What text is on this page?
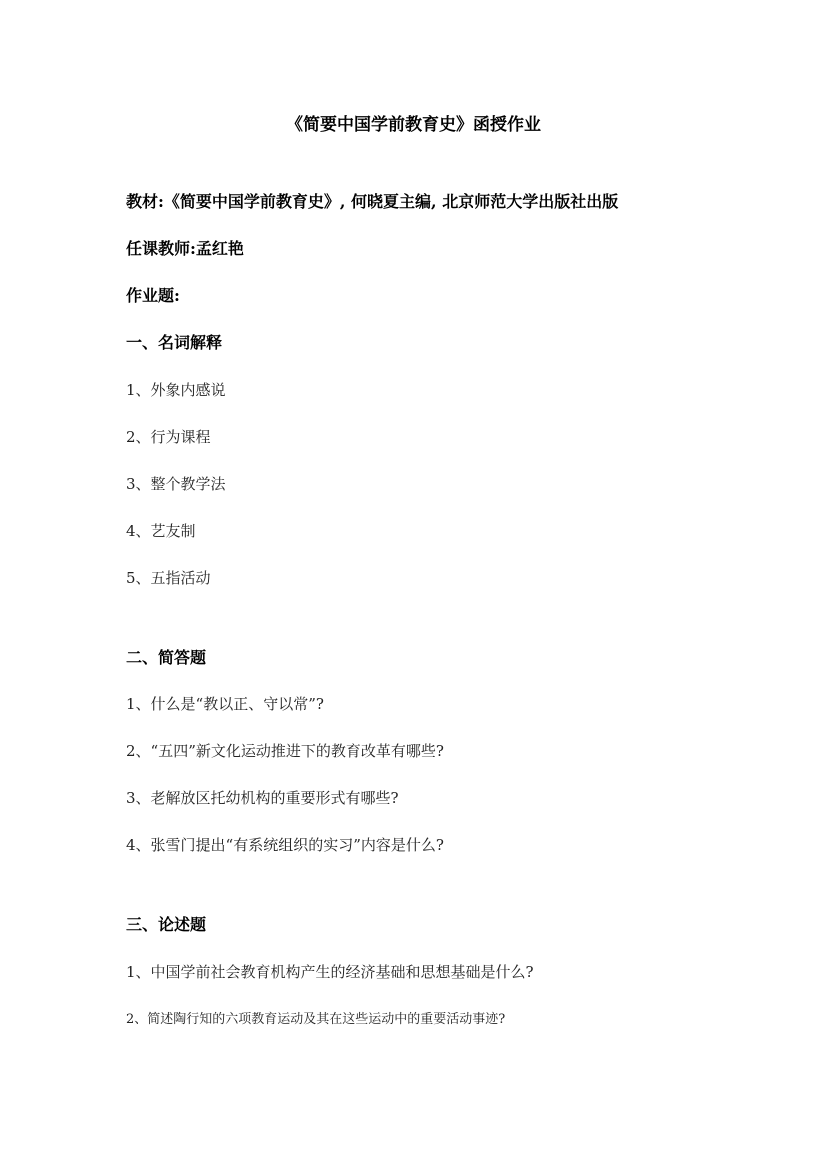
《简要中国学前教育史》函授作业
教材:《简要中国学前教育史》, 何晓夏主编, 北京师范大学出版社出版
任课教师:孟红艳
作业题:
一、名词解释
1、外象内感说
2、行为课程
3、整个教学法
4、艺友制
5、五指活动
二、简答题
1、什么是“教以正、守以常”?
2、“五四”新文化运动推进下的教育改革有哪些?
3、老解放区托幼机构的重要形式有哪些?
4、张雪门提出“有系统组织的实习”内容是什么?
三、论述题
1、中国学前社会教育机构产生的经济基础和思想基础是什么?
2、简述陶行知的六项教育运动及其在这些运动中的重要活动事迹?
